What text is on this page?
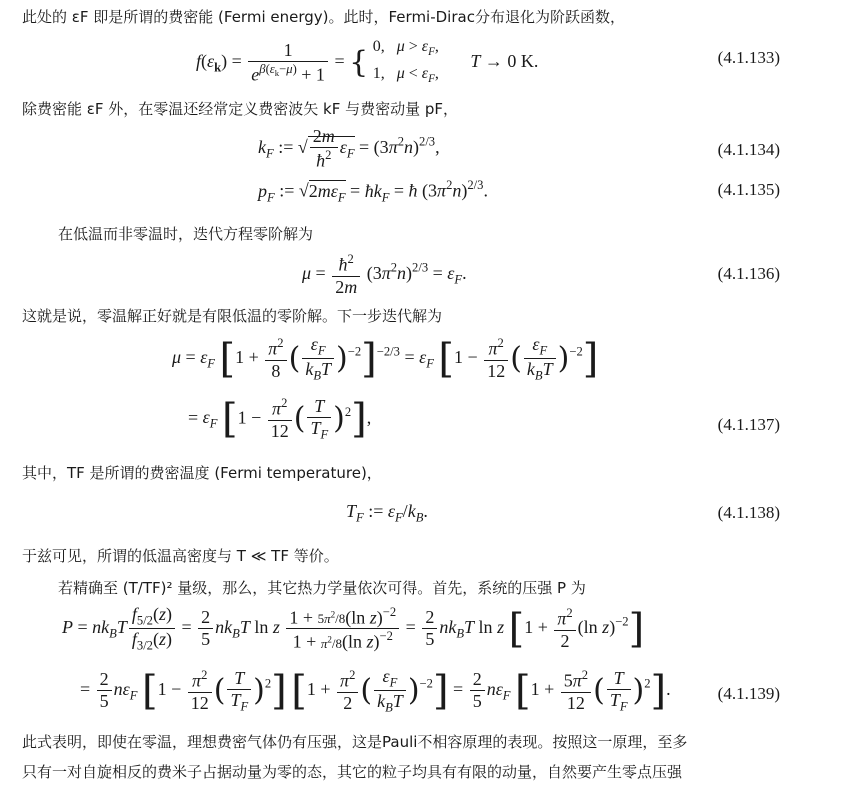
此处的 εF 即是所谓的费密能 (Fermi energy)。此时，Fermi-Dirac分布退化为阶跃函数，
$f(\varepsilon_k) = \frac{1}{e^{\beta(\varepsilon_k-\mu)} + 1}$ = { 0,   $\mu > \varepsilon_F$,
1,   $\mu < \varepsilon_F$,       T → 0 K.	(4.1.133)
除费密能 εF 外，在零温还经常定义费密波矢 kF 与费密动量 pF，
$k_F$ := √ $\frac{2m}{ħ^2} \varepsilon_F = (3\pi^2n)^{2/3}$,	(4.1.134)
$p_F$ := $√2m\varepsilon_F$ = $ħk_F$ = ħ $(3\pi^2n)^{2/3}$.	(4.1.135)
在低温而非零温时，迭代方程零阶解为
$\mu = \frac{ħ^2}{2m} (3\pi^2n)^{2/3} = \varepsilon_F$.	(4.1.136)
这就是说，零温解正好就是有限低温的零阶解。下一步迭代解为
$\mu = \varepsilon_F$ [$1 + \frac{\pi^2}{8}$ ( $\frac{\varepsilon_F}{k_BT} )^{-2}]^{-2/3} = \varepsilon_F$ [$1 - \frac{\pi^2}{12}$ ( $\frac{\varepsilon_F}{k_BT} )^{-2}$]
= $\varepsilon_F$ [$1 - \frac{\pi^2}{12}$ ( $\frac{T}{T_F} )^2$],	(4.1.137)
其中，TF 是所谓的费密温度 (Fermi temperature)，
$T_F$ := $\varepsilon_F/k_B$.	(4.1.138)
于兹可见，所谓的低温高密度与 T ≪ TF 等价。
若精确至 (T/TF)² 量级，那么，其它热力学量依次可得。首先，系统的压强 P 为
$P = nk_BT \frac{f_{5/2}(z)}{f_{3/2}(z)} = \frac{2}{5} nk_BT$ ln z $\frac{1 + 5\pi^2/8(\ln z)^{-2}}{1 + \pi^2/8(\ln z)^{-2}} = \frac{2}{5} nk_BT$ ln z [$1 + \frac{\pi^2}{2} (\ln$ z)$^{-2}$]
= $\frac{2}{5} n\varepsilon_F$ [$1 - \frac{\pi^2}{12}$ ( $\frac{T}{T_F} )^2$] [$1 + \frac{\pi^2}{2}$ ( $\frac{\varepsilon_F}{k_BT} )^{-2}] = \frac{2}{5} n\varepsilon_F$ [$1 + \frac{5\pi^2}{12}$ ( $\frac{T}{T_F} )^2$].	(4.1.139)
此式表明，即使在零温，理想费密气体仍有压强，这是Pauli不相容原理的表现。按照这一原理，至多
只有一对自旋相反的费米子占据动量为零的态，其它的粒子均具有有限的动量，自然要产生零点压强
